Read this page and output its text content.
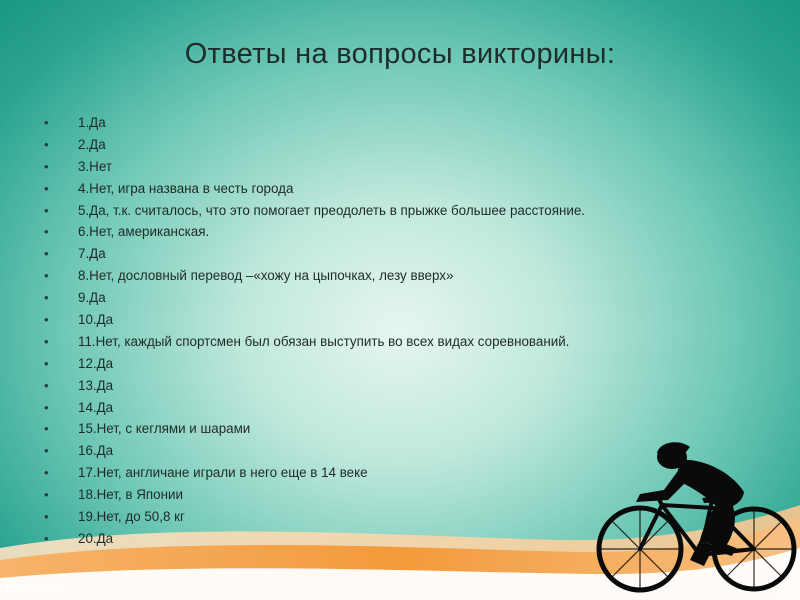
Ответы на вопросы викторины:
• 1.Да
• 2.Да
• 3.Нет
• 4.Нет, игра названа в честь города
• 5.Да, т.к. считалось, что это помогает преодолеть в прыжке большее расстояние.
• 6.Нет, американская.
• 7.Да
• 8.Нет, дословный перевод –«хожу на цыпочках, лезу вверх»
• 9.Да
• 10.Да
• 11.Нет, каждый спортсмен был обязан выступить во всех видах соревнований.
• 12.Да
• 13.Да
• 14.Да
• 15.Нет, с кеглями и шарами
• 16.Да
• 17.Нет, англичане играли в него еще в 14 веке
• 18.Нет, в Японии
• 19.Нет, до 50,8 кг
• 20.Да
fppt.com
